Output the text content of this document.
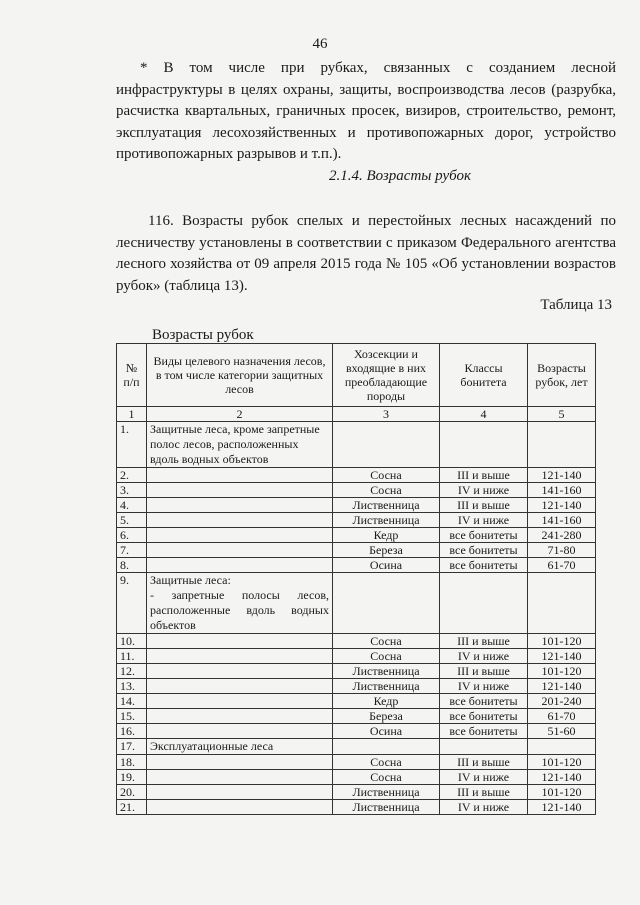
46

* В том числе при рубках, связанных с созданием лесной инфраструктуры в целях охраны, защиты, воспроизводства лесов (разрубка, расчистка квартальных, граничных просек, визиров, строительство, ремонт, эксплуатация лесохозяйственных и противопожарных дорог, устройство противопожарных разрывов и т.п.).

2.1.4. Возрасты рубок

116. Возрасты рубок спелых и перестойных лесных насаждений по лесничеству установлены в соответствии с приказом Федерального агентства лесного хозяйства от 09 апреля 2015 года № 105 «Об установлении возрастов рубок» (таблица 13).

Таблица 13
Возрасты рубок
№ п/п	Виды целевого назначения лесов, в том числе категории защитных лесов	Хозсекции и входящие в них преобладающие породы	Классы бонитета	Возрасты рубок, лет
1	2	3	4	5
1.	Защитные леса, кроме запретные полос лесов, расположенных вдоль водных объектов			
2.		Сосна	III и выше	121-140
3.		Сосна	IV и ниже	141-160
4.		Лиственница	III и выше	121-140
5.		Лиственница	IV и ниже	141-160
6.		Кедр	все бонитеты	241-280
7.		Береза	все бонитеты	71-80
8.		Осина	все бонитеты	61-70
9.	Защитные леса:
- запретные полосы лесов, расположенные вдоль водных объектов			
10.		Сосна	III и выше	101-120
11.		Сосна	IV и ниже	121-140
12.		Лиственница	III и выше	101-120
13.		Лиственница	IV и ниже	121-140
14.		Кедр	все бонитеты	201-240
15.		Береза	все бонитеты	61-70
16.		Осина	все бонитеты	51-60
17.	Эксплуатационные леса			
18.		Сосна	III и выше	101-120
19.		Сосна	IV и ниже	121-140
20.		Лиственница	III и выше	101-120
21.		Лиственница	IV и ниже	121-140
